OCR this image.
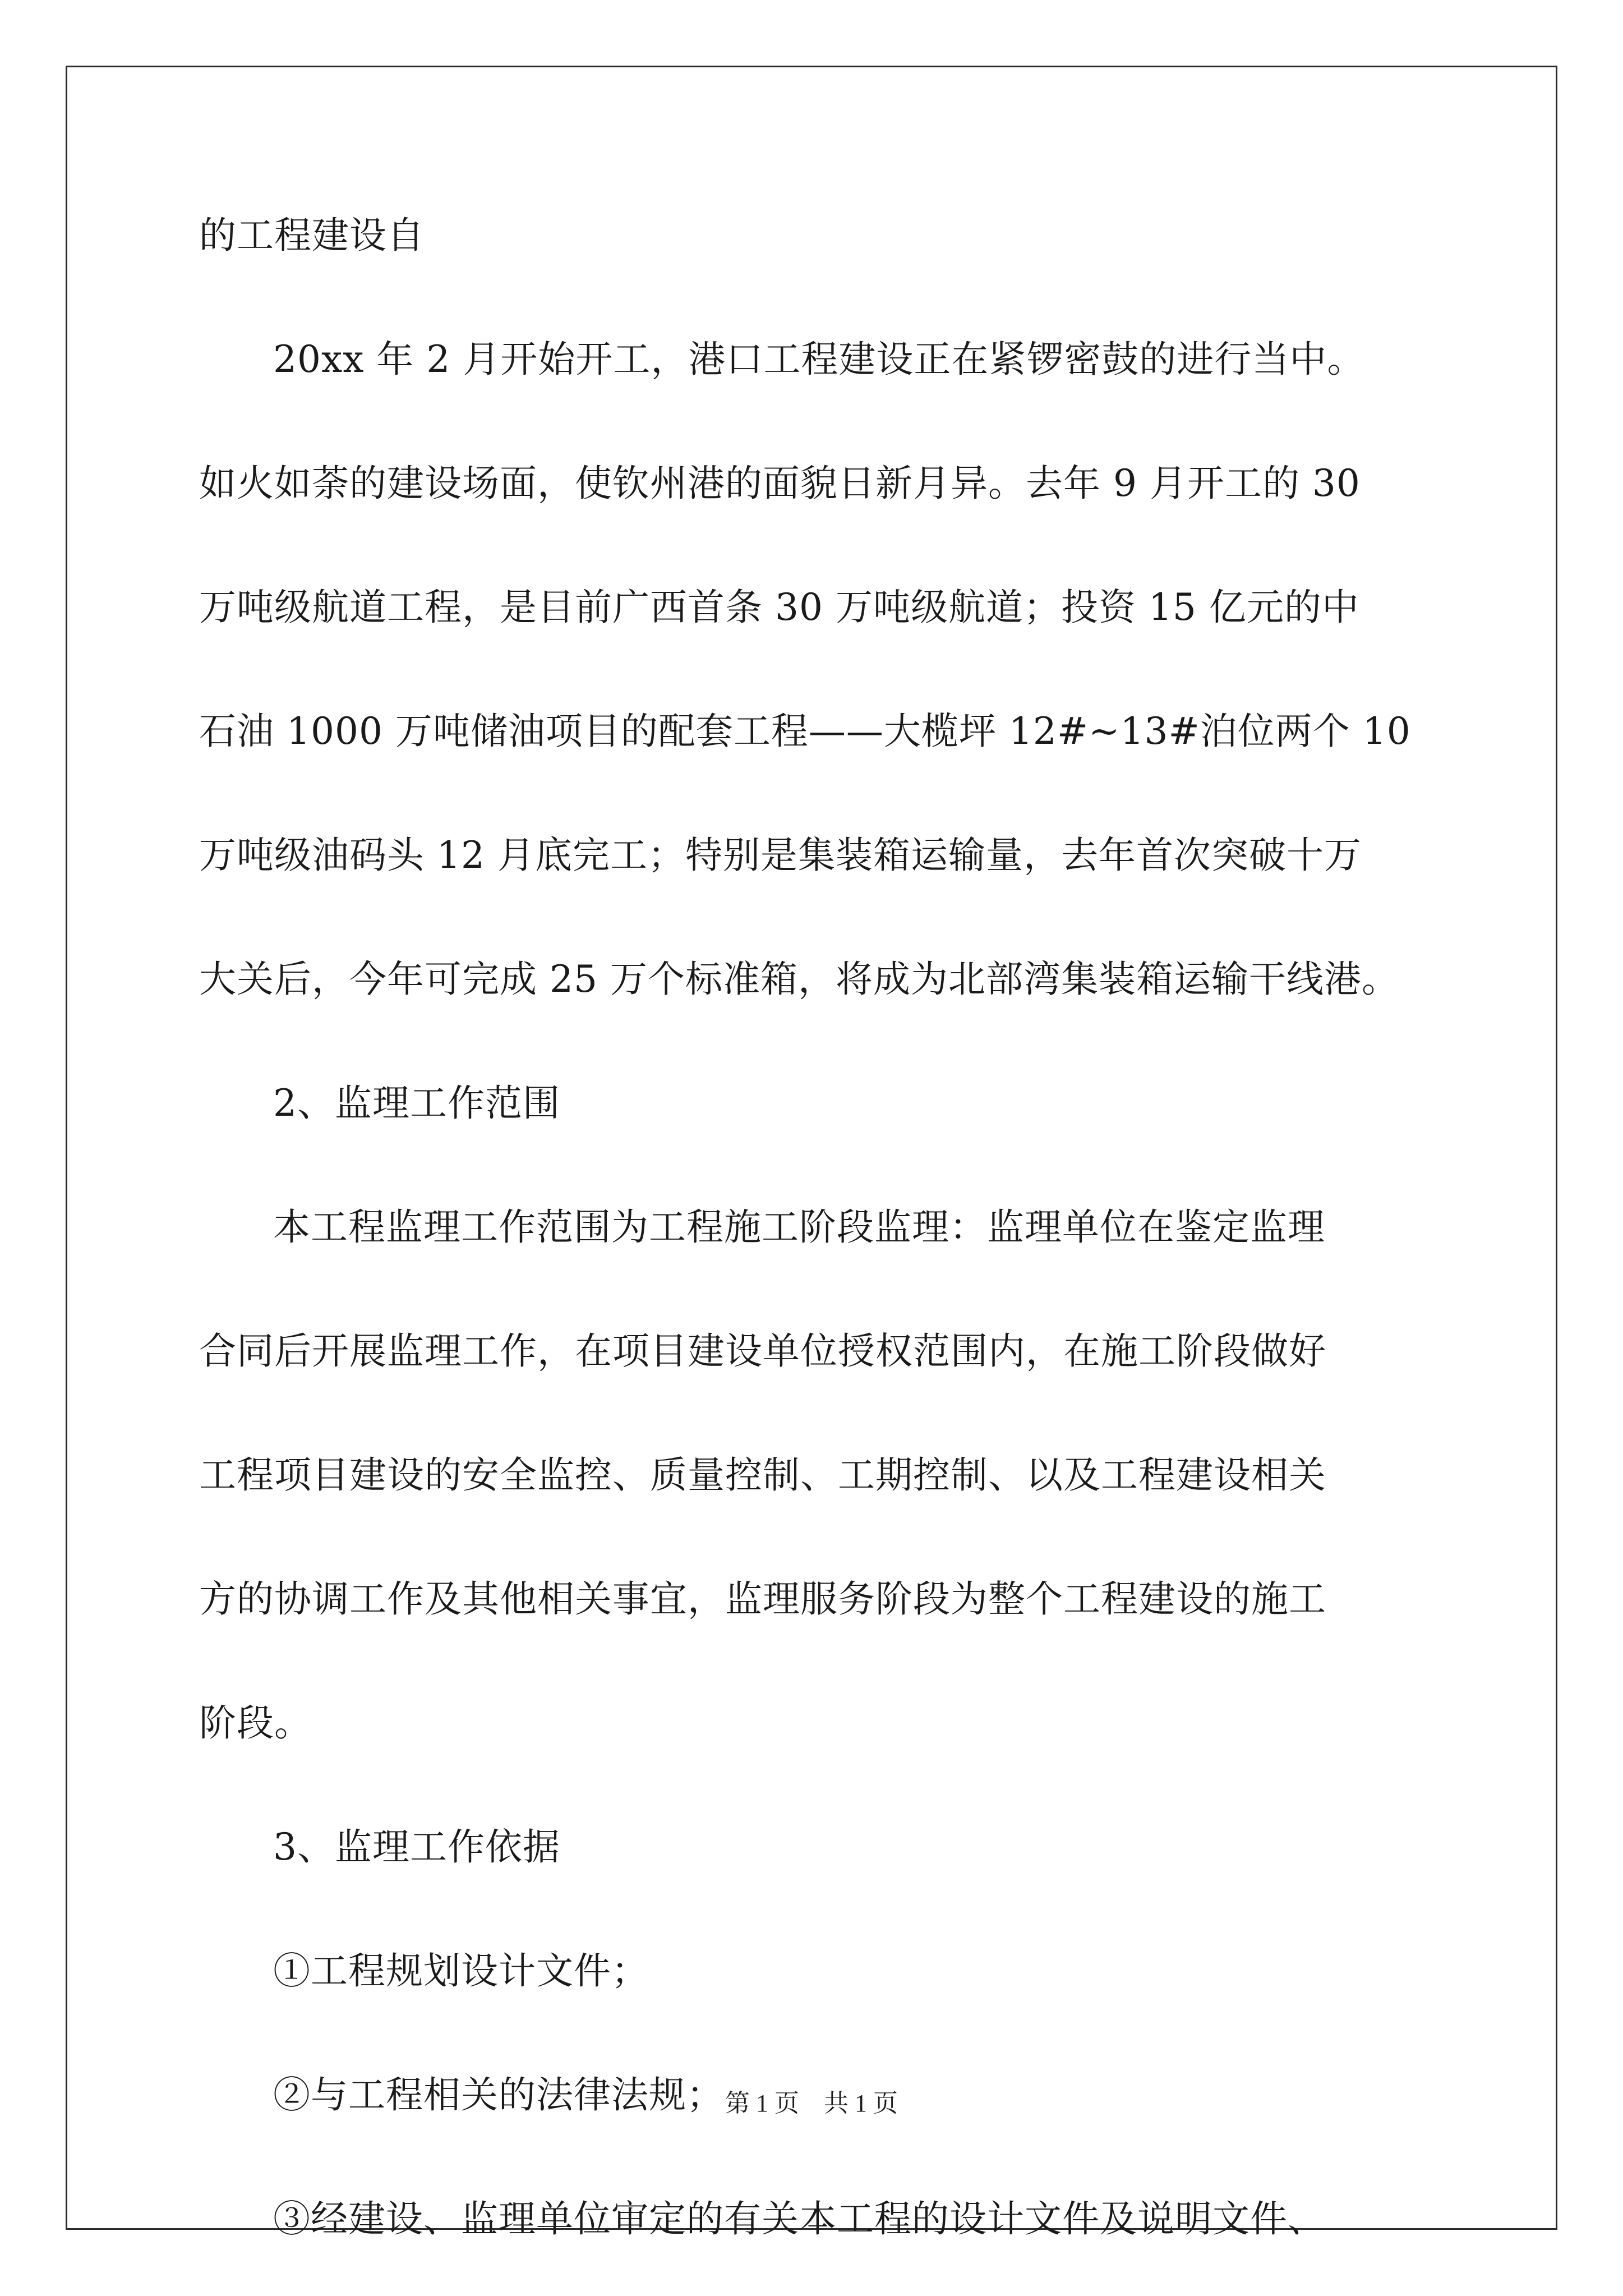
的工程建设自
20xx 年 2 月开始开工，港口工程建设正在紧锣密鼓的进行当中。
如火如荼的建设场面，使钦州港的面貌日新月异。去年 9 月开工的 30
万吨级航道工程，是目前广西首条 30 万吨级航道；投资 15 亿元的中
石油 1000 万吨储油项目的配套工程——大榄坪 12#~13#泊位两个 10
万吨级油码头 12 月底完工；特别是集装箱运输量，去年首次突破十万
大关后，今年可完成 25 万个标准箱，将成为北部湾集装箱运输干线港。
2、监理工作范围
本工程监理工作范围为工程施工阶段监理：监理单位在鉴定监理
合同后开展监理工作，在项目建设单位授权范围内，在施工阶段做好
工程项目建设的安全监控、质量控制、工期控制、以及工程建设相关
方的协调工作及其他相关事宜，监理服务阶段为整个工程建设的施工
阶段。
3、监理工作依据
①工程规划设计文件；
②与工程相关的法律法规；
③经建设、监理单位审定的有关本工程的设计文件及说明文件、
第 1 页 共 1 页
